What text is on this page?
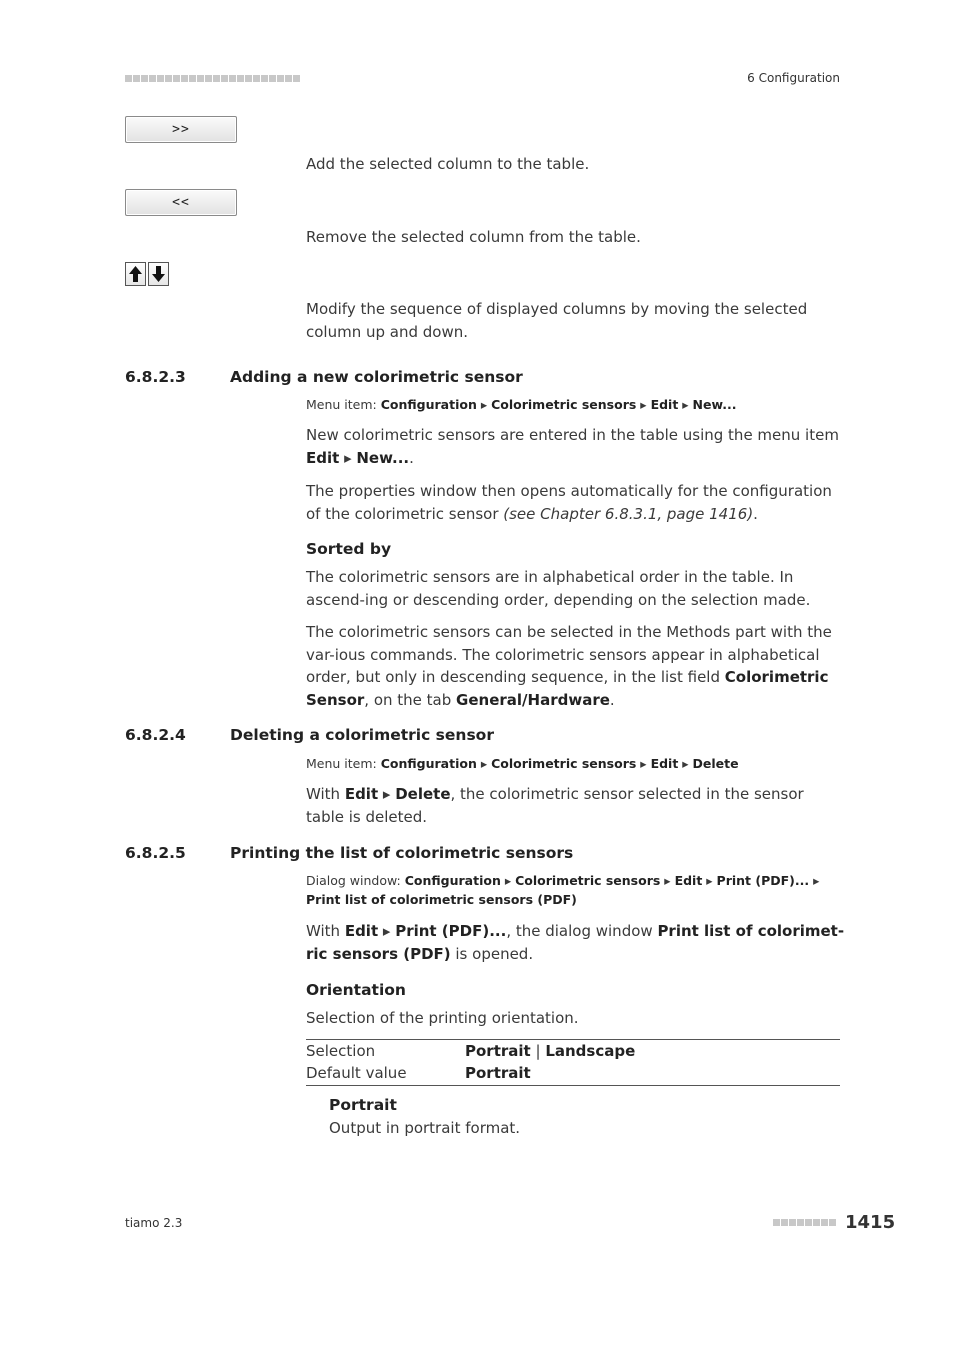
6 Configuration
>>
Add the selected column to the table.
<<
Remove the selected column from the table.
Modify the sequence of displayed columns by moving the selected column up and down.
6.8.2.3	Adding a new colorimetric sensor
Menu item: Configuration ▸ Colorimetric sensors ▸ Edit ▸ New...
New colorimetric sensors are entered in the table using the menu item Edit ▸ New....
The properties window then opens automatically for the configuration of the colorimetric sensor (see Chapter 6.8.3.1, page 1416).
Sorted by
The colorimetric sensors are in alphabetical order in the table. In ascend-ing or descending order, depending on the selection made.
The colorimetric sensors can be selected in the Methods part with the var-ious commands. The colorimetric sensors appear in alphabetical order, but only in descending sequence, in the list field Colorimetric Sensor, on the tab General/Hardware.
6.8.2.4	Deleting a colorimetric sensor
Menu item: Configuration ▸ Colorimetric sensors ▸ Edit ▸ Delete
With Edit ▸ Delete, the colorimetric sensor selected in the sensor table is deleted.
6.8.2.5	Printing the list of colorimetric sensors
Dialog window: Configuration ▸ Colorimetric sensors ▸ Edit ▸ Print (PDF)... ▸ Print list of colorimetric sensors (PDF)
With Edit ▸ Print (PDF)..., the dialog window Print list of colorimet-ric sensors (PDF) is opened.
Orientation
Selection of the printing orientation.
Selection	Portrait | Landscape
Default value	Portrait
Portrait
Output in portrait format.
tiamo 2.3	1415
